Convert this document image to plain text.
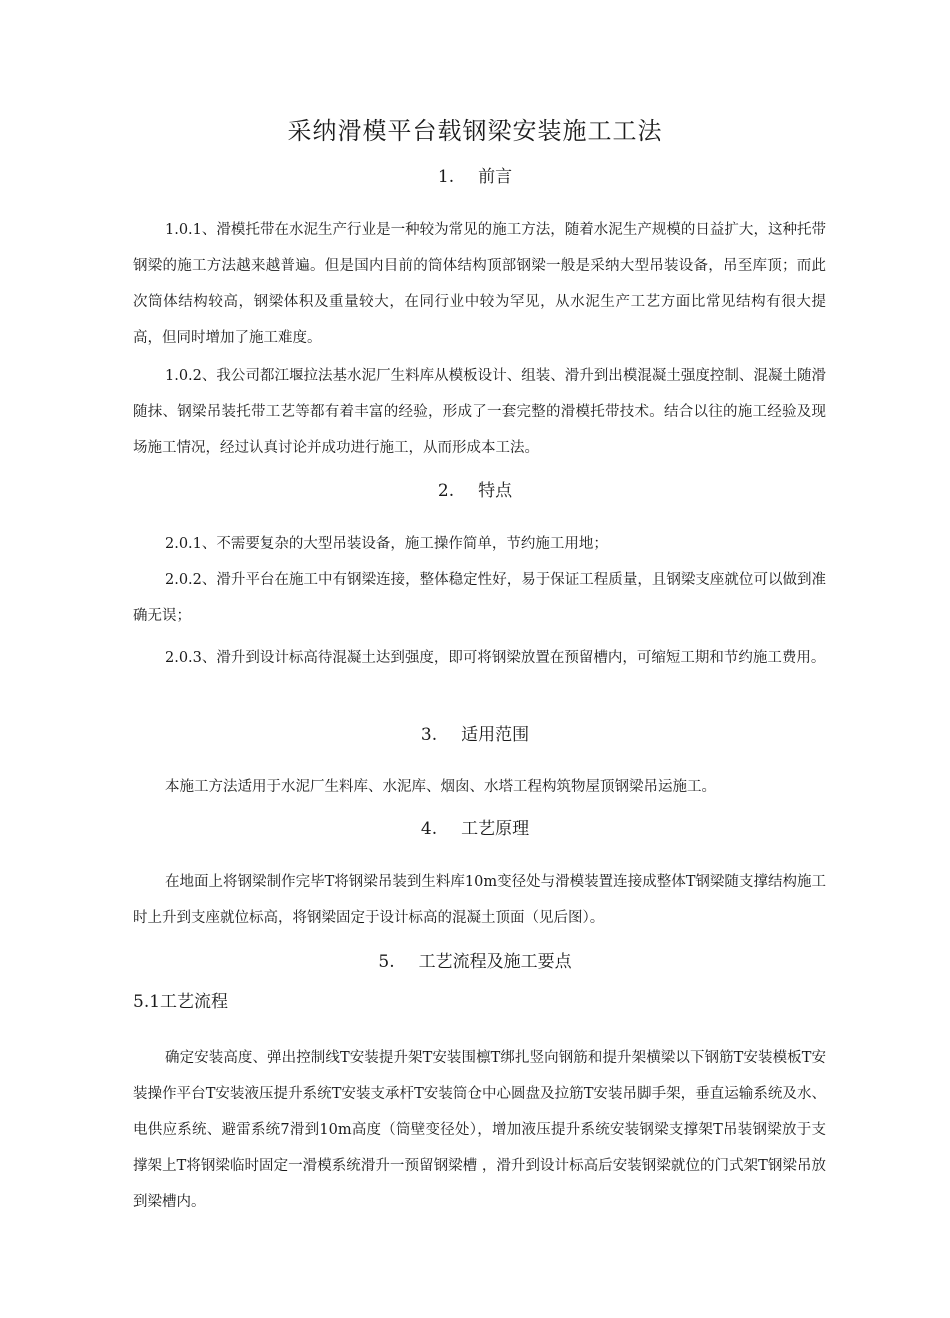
采纳滑模平台载钢梁安装施工工法
1. 前言
1.0.1、滑模托带在水泥生产行业是一种较为常见的施工方法，随着水泥生产规模的日益扩大，这种托带钢梁的施工方法越来越普遍。但是国内目前的筒体结构顶部钢梁一般是采纳大型吊装设备，吊至库顶；而此次筒体结构较高，钢梁体积及重量较大，在同行业中较为罕见，从水泥生产工艺方面比常见结构有很大提高，但同时增加了施工难度。
1.0.2、我公司都江堰拉法基水泥厂生料库从模板设计、组装、滑升到出模混凝土强度控制、混凝土随滑随抹、钢梁吊装托带工艺等都有着丰富的经验，形成了一套完整的滑模托带技术。结合以往的施工经验及现场施工情况，经过认真讨论并成功进行施工，从而形成本工法。
2. 特点
2.0.1、不需要复杂的大型吊装设备，施工操作简单，节约施工用地；
2.0.2、滑升平台在施工中有钢梁连接，整体稳定性好，易于保证工程质量，且钢梁支座就位可以做到准确无误；
2.0.3、滑升到设计标高待混凝土达到强度，即可将钢梁放置在预留槽内，可缩短工期和节约施工费用。
3. 适用范围
本施工方法适用于水泥厂生料库、水泥库、烟囱、水塔工程构筑物屋顶钢梁吊运施工。
4. 工艺原理
在地面上将钢梁制作完毕T将钢梁吊装到生料库10m变径处与滑模装置连接成整体T钢梁随支撑结构施工时上升到支座就位标高，将钢梁固定于设计标高的混凝土顶面（见后图）。
5. 工艺流程及施工要点
5.1工艺流程
确定安装高度、弹出控制线T安装提升架T安装围檩T绑扎竖向钢筋和提升架横梁以下钢筋T安装模板T安装操作平台T安装液压提升系统T安装支承杆T安装筒仓中心圆盘及拉筋T安装吊脚手架，垂直运输系统及水、电供应系统、避雷系统7滑到10m高度（筒壁变径处），增加液压提升系统安装钢梁支撑架T吊装钢梁放于支撑架上T将钢梁临时固定一滑模系统滑升一预留钢梁槽 ，滑升到设计标高后安装钢梁就位的门式架T钢梁吊放到梁槽内。
